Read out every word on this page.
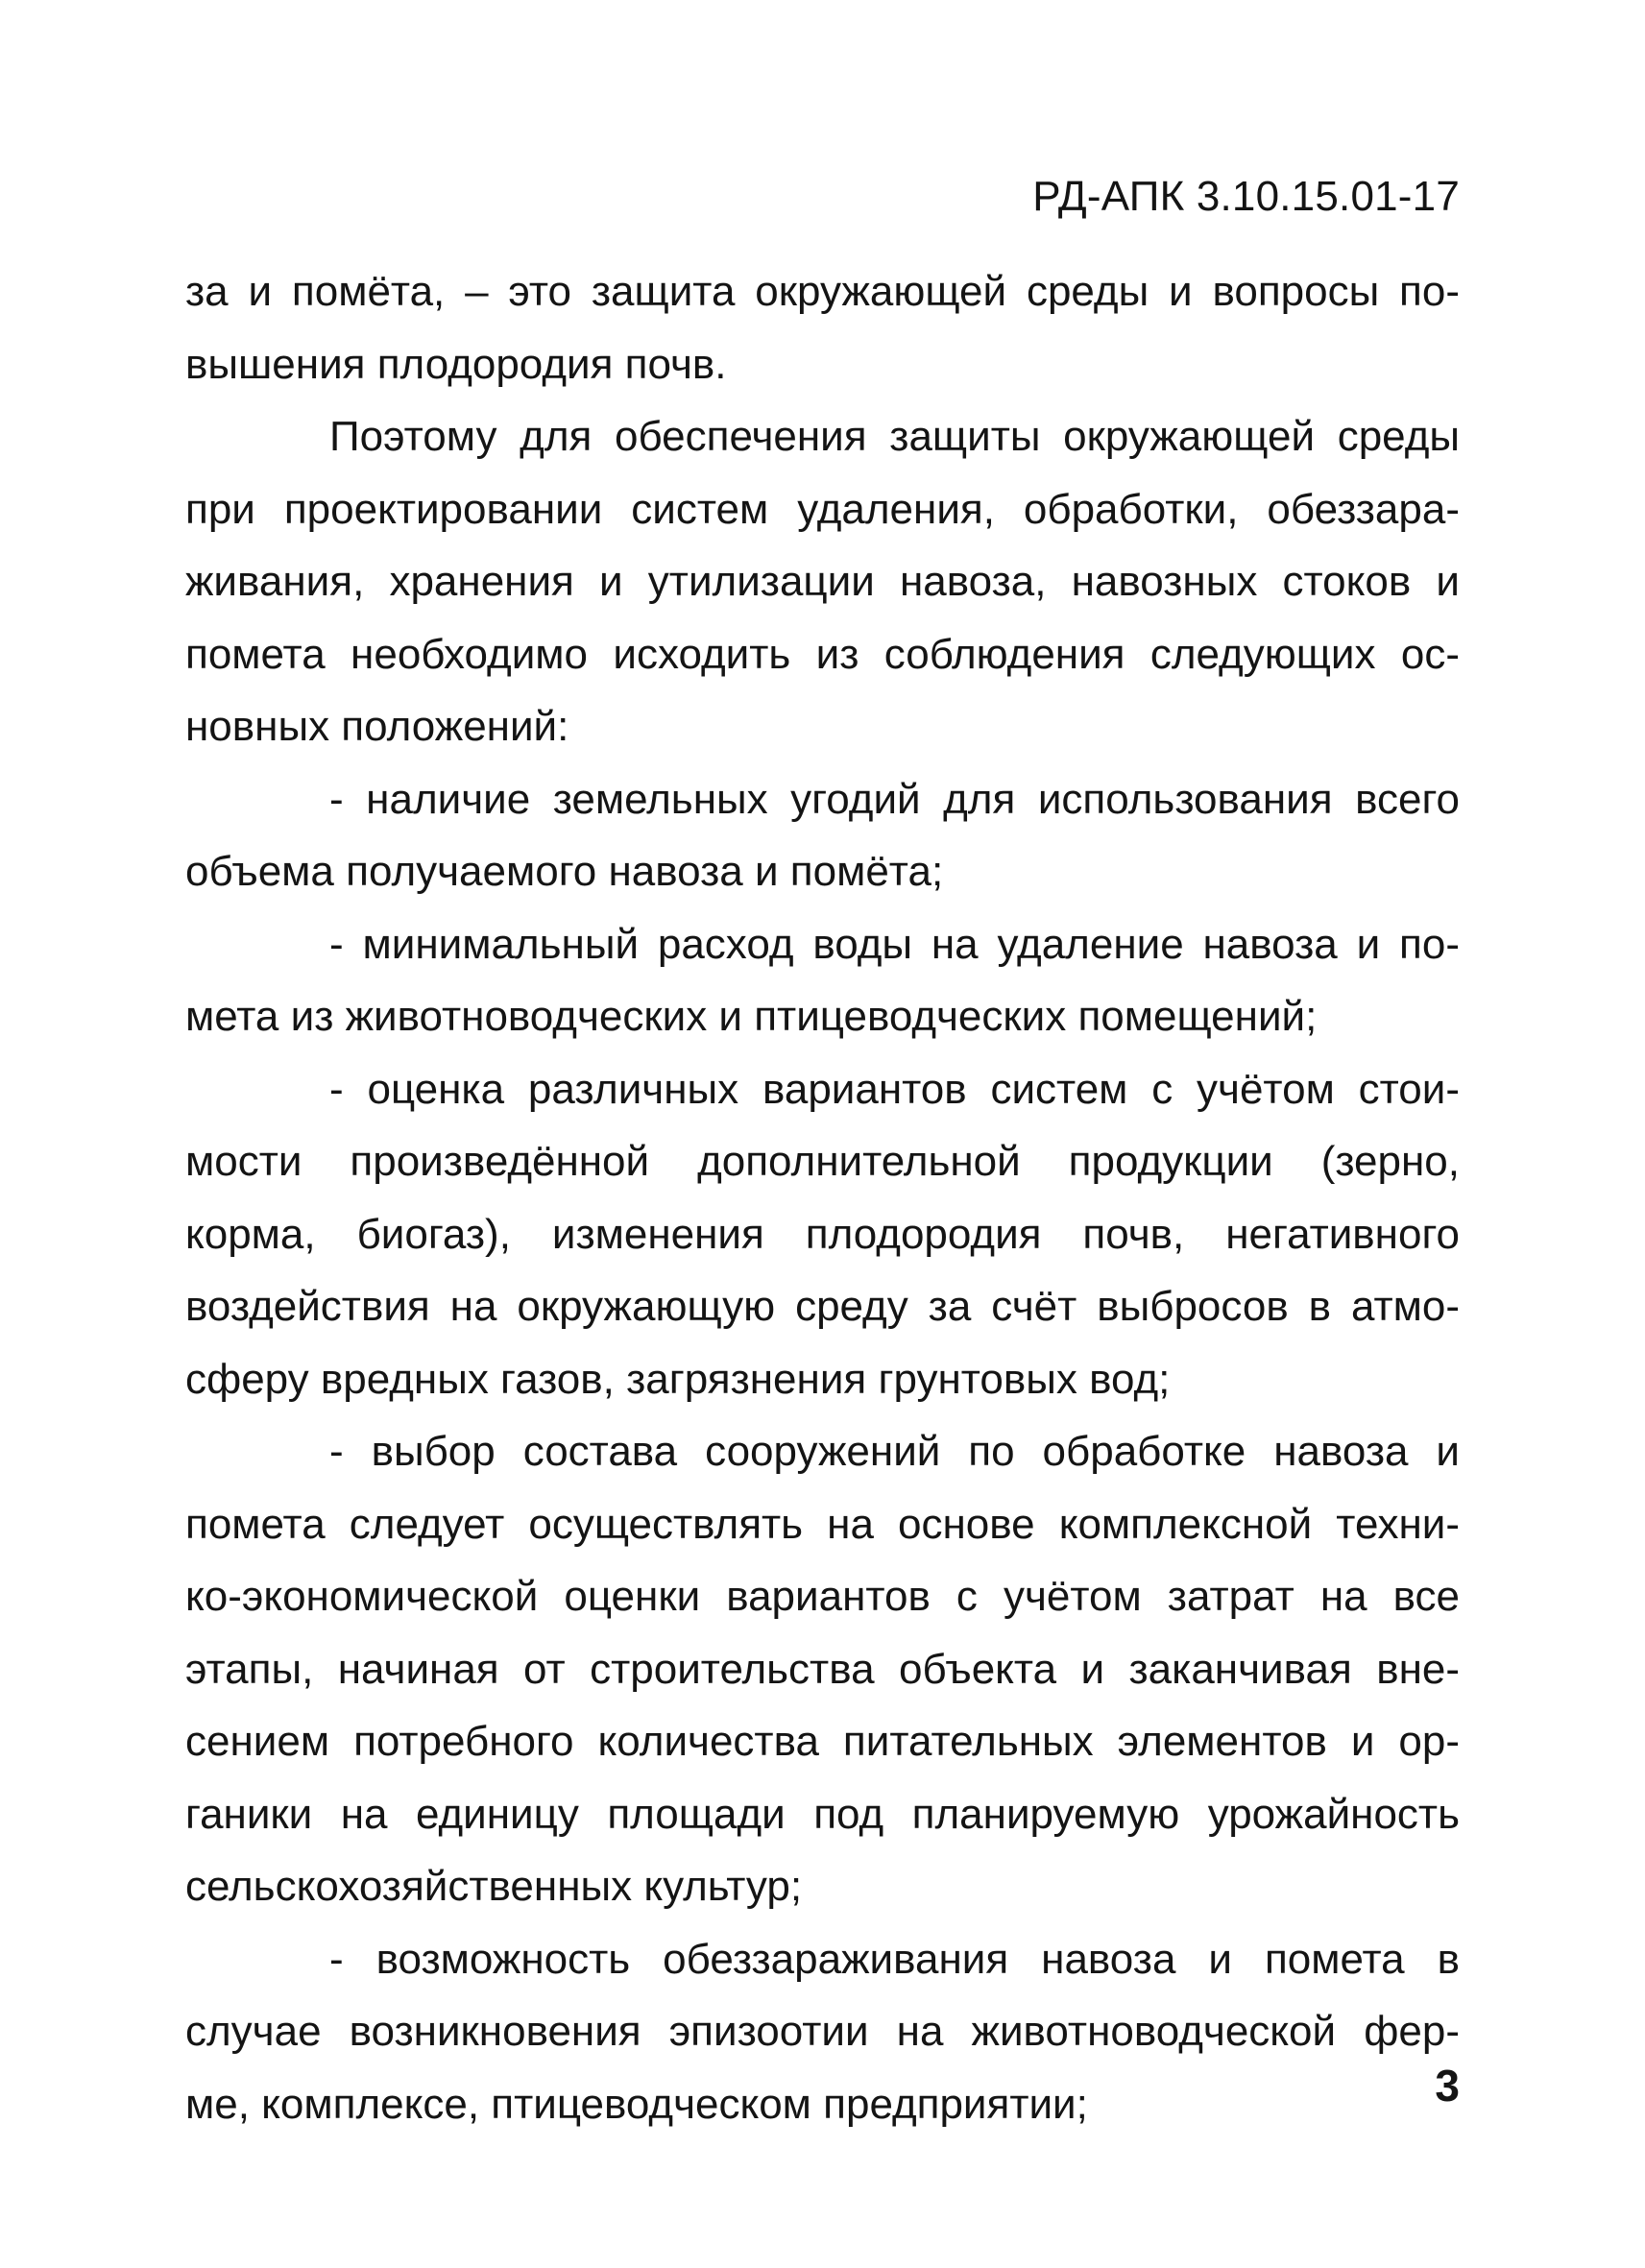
РД-АПК 3.10.15.01-17
за и помёта, – это защита окружающей среды и вопросы по-
вышения плодородия почв.
Поэтому для обеспечения защиты окружающей среды
при проектировании систем удаления, обработки, обеззара-
живания, хранения и утилизации навоза, навозных стоков и
помета необходимо исходить из соблюдения следующих ос-
новных положений:
- наличие земельных угодий для использования всего
объема получаемого навоза и помёта;
- минимальный расход воды на удаление навоза и по-
мета из животноводческих и птицеводческих помещений;
- оценка различных вариантов систем с учётом стои-
мости произведённой дополнительной продукции (зерно,
корма, биогаз), изменения плодородия почв, негативного
воздействия на окружающую среду за счёт выбросов в атмо-
сферу вредных газов, загрязнения грунтовых вод;
- выбор состава сооружений по обработке навоза и
помета следует осуществлять на основе комплексной техни-
ко-экономической оценки вариантов с учётом затрат на все
этапы, начиная от строительства объекта и заканчивая вне-
сением потребного количества питательных элементов и ор-
ганики на единицу площади под планируемую урожайность
сельскохозяйственных культур;
- возможность обеззараживания навоза и помета в
случае возникновения эпизоотии на животноводческой фер-
ме, комплексе, птицеводческом предприятии;	3
